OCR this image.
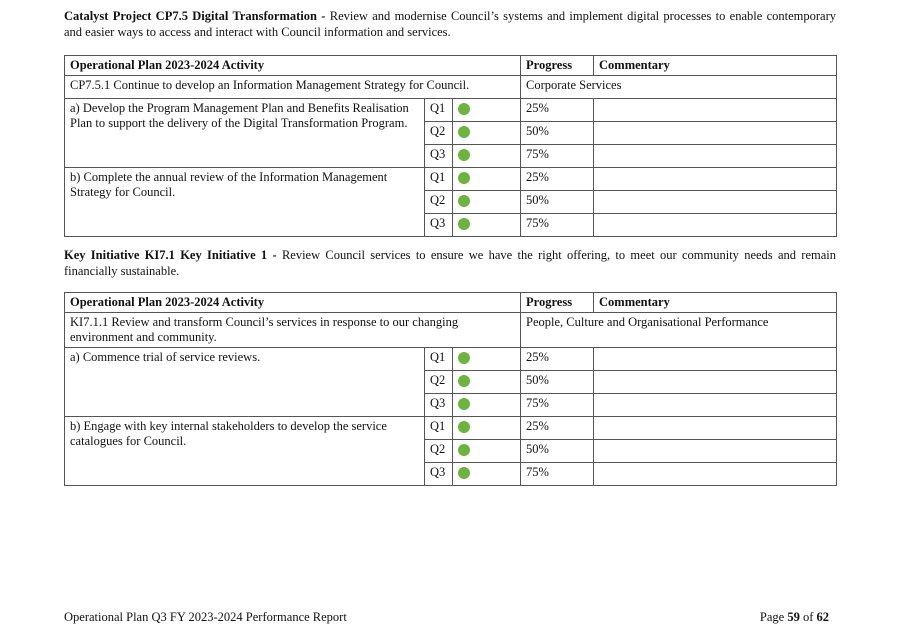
Catalyst Project CP7.5 Digital Transformation - Review and modernise Council’s systems and implement digital processes to enable contemporary and easier ways to access and interact with Council information and services.
Operational Plan 2023-2024 Activity			Progress	Commentary
CP7.5.1 Continue to develop an Information Management Strategy for Council.			Corporate Services	
a) Develop the Program Management Plan and Benefits Realisation Plan to support the delivery of the Digital Transformation Program.	Q1		25%	
	Q2		50%	
	Q3		75%	
b) Complete the annual review of the Information Management Strategy for Council.	Q1		25%	
	Q2		50%	
	Q3		75%	
Key Initiative KI7.1 Key Initiative 1 - Review Council services to ensure we have the right offering, to meet our community needs and remain financially sustainable.
Operational Plan 2023-2024 Activity			Progress	Commentary
KI7.1.1 Review and transform Council’s services in response to our changing environment and community.			People, Culture and Organisational Performance	
a) Commence trial of service reviews.	Q1		25%	
	Q2		50%	
	Q3		75%	
b) Engage with key internal stakeholders to develop the service catalogues for Council.	Q1		25%	
	Q2		50%	
	Q3		75%	
Operational Plan Q3 FY 2023-2024 Performance Report	Page 59 of 62
